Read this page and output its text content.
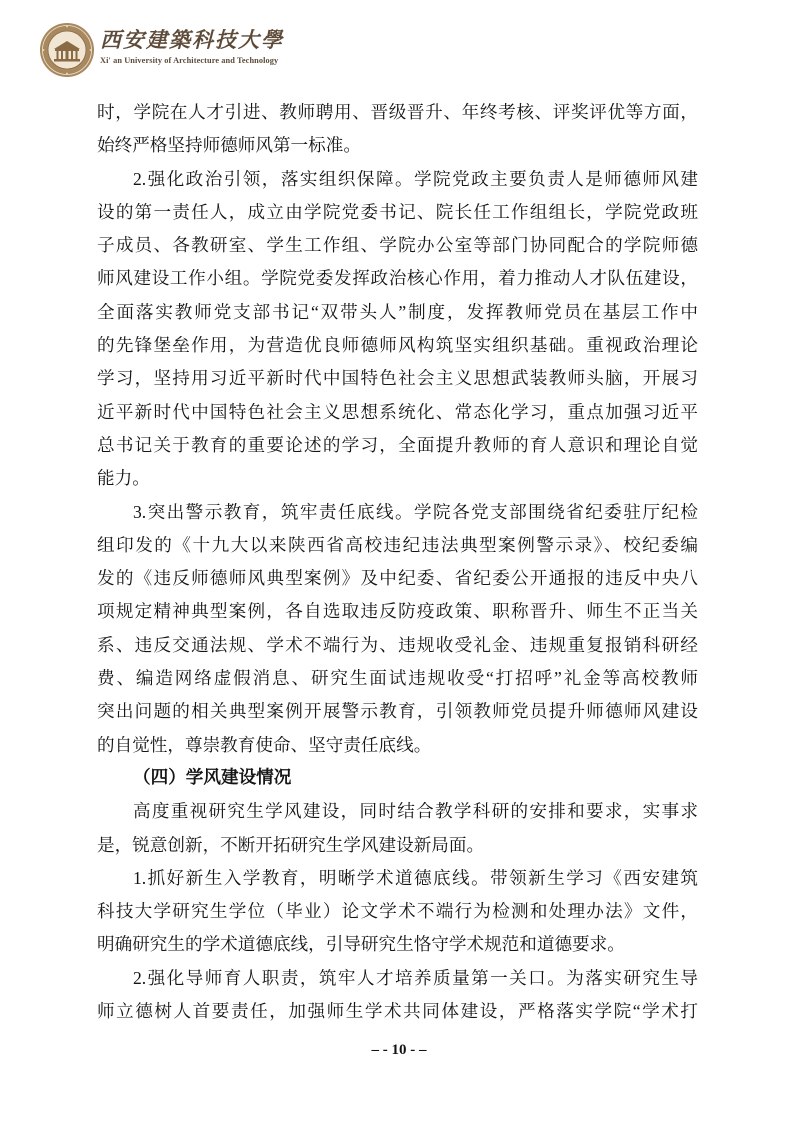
西安建築科技大學
Xi' an University of Architecture and Technology
时，学院在人才引进、教师聘用、晋级晋升、年终考核、评奖评优等方面，
始终严格坚持师德师风第一标准。
2.强化政治引领，落实组织保障。学院党政主要负责人是师德师风建
设的第一责任人，成立由学院党委书记、院长任工作组组长，学院党政班
子成员、各教研室、学生工作组、学院办公室等部门协同配合的学院师德
师风建设工作小组。学院党委发挥政治核心作用，着力推动人才队伍建设，
全面落实教师党支部书记“双带头人”制度，发挥教师党员在基层工作中
的先锋堡垒作用，为营造优良师德师风构筑坚实组织基础。重视政治理论
学习，坚持用习近平新时代中国特色社会主义思想武装教师头脑，开展习
近平新时代中国特色社会主义思想系统化、常态化学习，重点加强习近平
总书记关于教育的重要论述的学习，全面提升教师的育人意识和理论自觉
能力。
3.突出警示教育，筑牢责任底线。学院各党支部围绕省纪委驻厅纪检
组印发的《十九大以来陕西省高校违纪违法典型案例警示录》、校纪委编
发的《违反师德师风典型案例》及中纪委、省纪委公开通报的违反中央八
项规定精神典型案例，各自选取违反防疫政策、职称晋升、师生不正当关
系、违反交通法规、学术不端行为、违规收受礼金、违规重复报销科研经
费、编造网络虚假消息、研究生面试违规收受“打招呼”礼金等高校教师
突出问题的相关典型案例开展警示教育，引领教师党员提升师德师风建设
的自觉性，尊崇教育使命、坚守责任底线。
（四）学风建设情况
高度重视研究生学风建设，同时结合教学科研的安排和要求，实事求
是，锐意创新，不断开拓研究生学风建设新局面。
1.抓好新生入学教育，明晰学术道德底线。带领新生学习《西安建筑
科技大学研究生学位（毕业）论文学术不端行为检测和处理办法》文件，
明确研究生的学术道德底线，引导研究生恪守学术规范和道德要求。
2.强化导师育人职责，筑牢人才培养质量第一关口。为落实研究生导
师立德树人首要责任，加强师生学术共同体建设，严格落实学院“学术打
– - 10 - –
